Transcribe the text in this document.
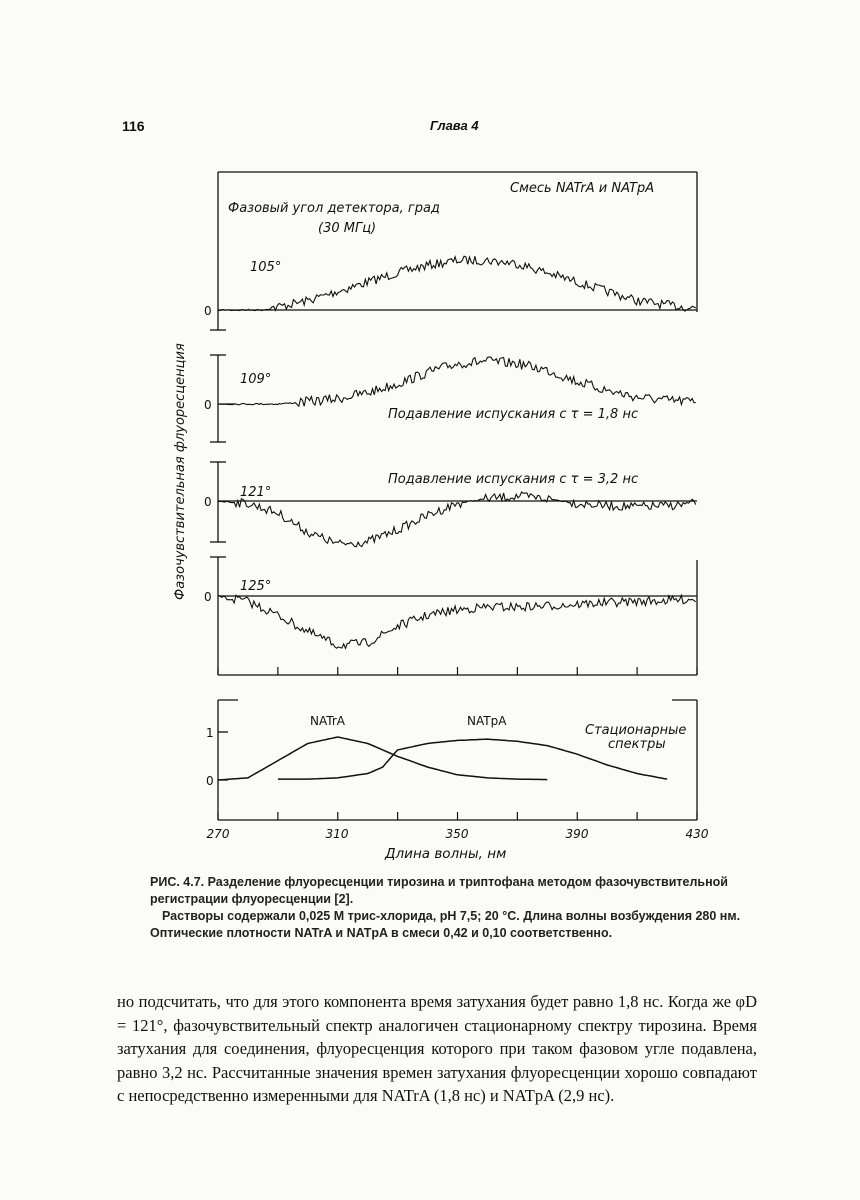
116	Глава 4
Фазовый угол детектора, град
(30 МГц)
Смесь NATrA и NATpA
105°
109°
121°
125°
Подавление испускания с τ = 1,8 нс
Подавление испускания с τ = 3,2 нс
Стационарные
спектры
Длина волны, нм
0
0
0
0
1
0
NATrA	NATpA
270	310	350	390	430
Фазочувствительная флуоресценция

РИС. 4.7. Разделение флуоресценции тирозина и триптофана методом фазочувствительной регистрации флуоресценции [2].

Растворы содержали 0,025 М трис-хлорида, pH 7,5; 20 °С. Длина волны возбуждения 280 нм. Оптические плотности NATrA и NATpA в смеси 0,42 и 0,10 соответственно.

но подсчитать, что для этого компонента время затухания будет равно 1,8 нс. Когда же φD = 121°, фазочувствительный спектр аналогичен стационарному спектру тирозина. Время затухания для соединения, флуоресценция которого при таком фазовом угле подавлена, равно 3,2 нс. Рассчитанные значения времен затухания флуоресценции хорошо совпадают с непосредственно измеренными для NATrA (1,8 нс) и NATpA (2,9 нс).
